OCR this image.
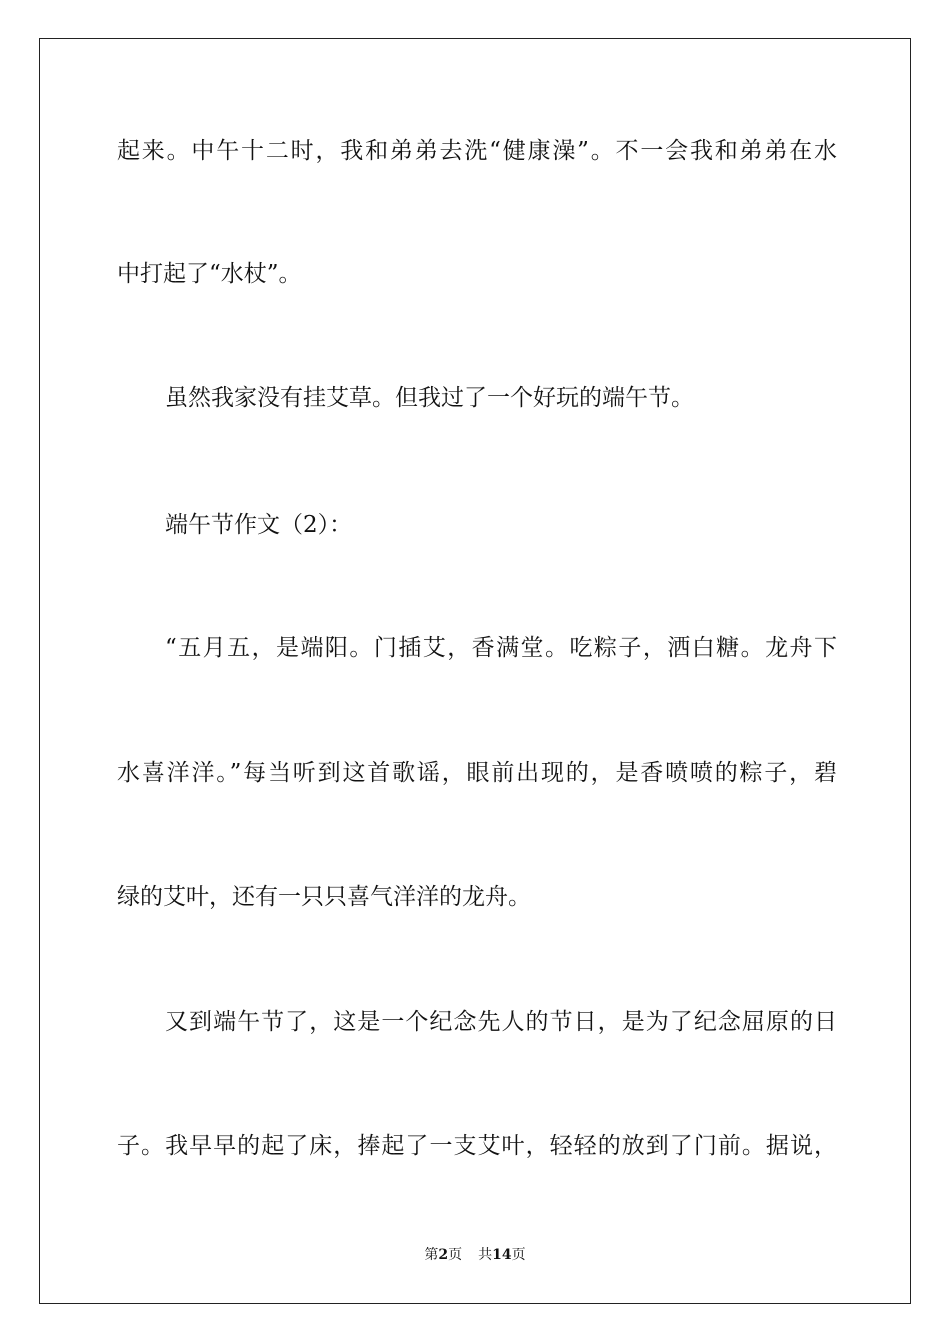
起来。中午十二时，我和弟弟去洗“健康澡”。不一会我和弟弟在水
中打起了“水杖”。
虽然我家没有挂艾草。但我过了一个好玩的端午节。
端午节作文（2）：
“五月五，是端阳。门插艾，香满堂。吃粽子，洒白糖。龙舟下
水喜洋洋。”每当听到这首歌谣，眼前出现的，是香喷喷的粽子，碧
绿的艾叶，还有一只只喜气洋洋的龙舟。
又到端午节了，这是一个纪念先人的节日，是为了纪念屈原的日
子。我早早的起了床，捧起了一支艾叶，轻轻的放到了门前。据说，
第2页 共14页
